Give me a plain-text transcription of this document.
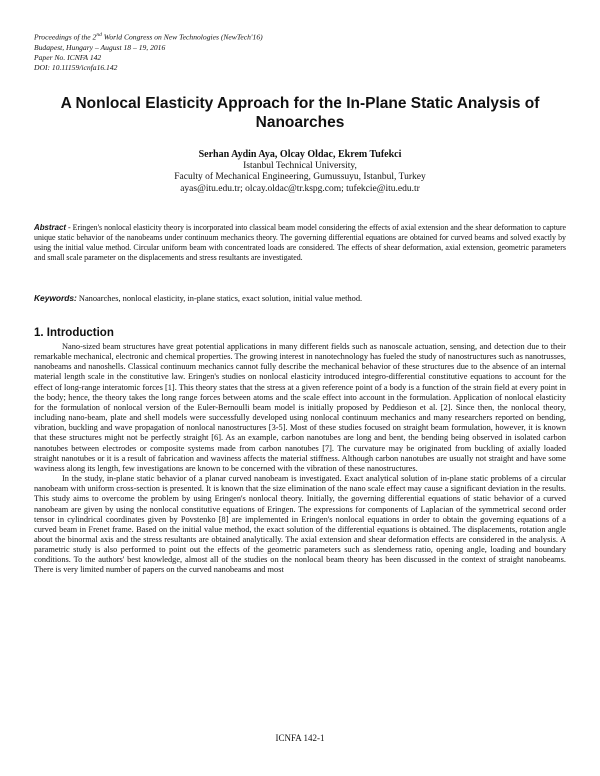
Proceedings of the 2nd World Congress on New Technologies (NewTech'16)
Budapest, Hungary – August 18 – 19, 2016
Paper No. ICNFA 142
DOI: 10.11159/icnfa16.142
A Nonlocal Elasticity Approach for the In-Plane Static Analysis of
Nanoarches
Serhan Aydin Aya, Olcay Oldac, Ekrem Tufekci
Istanbul Technical University,
Faculty of Mechanical Engineering, Gumussuyu, Istanbul, Turkey
ayas@itu.edu.tr; olcay.oldac@tr.kspg.com; tufekcie@itu.edu.tr
Abstract - Eringen's nonlocal elasticity theory is incorporated into classical beam model considering the effects of axial extension and the shear deformation to capture unique static behavior of the nanobeams under continuum mechanics theory. The governing differential equations are obtained for curved beams and solved exactly by using the initial value method. Circular uniform beam with concentrated loads are considered. The effects of shear deformation, axial extension, geometric parameters and small scale parameter on the displacements and stress resultants are investigated.
Keywords: Nanoarches, nonlocal elasticity, in-plane statics, exact solution, initial value method.
1. Introduction

Nano-sized beam structures have great potential applications in many different fields such as nanoscale actuation, sensing, and detection due to their remarkable mechanical, electronic and chemical properties. The growing interest in nanotechnology has fueled the study of nanostructures such as nanotrusses, nanobeams and nanoshells. Classical continuum mechanics cannot fully describe the mechanical behavior of these structures due to the absence of an internal material length scale in the constitutive law. Eringen's studies on nonlocal elasticity introduced integro-differential constitutive equations to account for the effect of long-range interatomic forces [1]. This theory states that the stress at a given reference point of a body is a function of the strain field at every point in the body; hence, the theory takes the long range forces between atoms and the scale effect into account in the formulation. Application of nonlocal elasticity for the formulation of nonlocal version of the Euler-Bernoulli beam model is initially proposed by Peddieson et al. [2]. Since then, the nonlocal theory, including nano-beam, plate and shell models were successfully developed using nonlocal continuum mechanics and many researchers reported on bending, vibration, buckling and wave propagation of nonlocal nanostructures [3-5]. Most of these studies focused on straight beam formulation, however, it is known that these structures might not be perfectly straight [6]. As an example, carbon nanotubes are long and bent, the bending being observed in isolated carbon nanotubes between electrodes or composite systems made from carbon nanotubes [7]. The curvature may be originated from buckling of axially loaded straight nanotubes or it is a result of fabrication and waviness affects the material stiffness. Although carbon nanotubes are usually not straight and have some waviness along its length, few investigations are known to be concerned with the vibration of these nanostructures.

In the study, in-plane static behavior of a planar curved nanobeam is investigated. Exact analytical solution of in-plane static problems of a circular nanobeam with uniform cross-section is presented. It is known that the size elimination of the nano scale effect may cause a significant deviation in the results. This study aims to overcome the problem by using Eringen's nonlocal theory. Initially, the governing differential equations of static behavior of a curved nanobeam are given by using the nonlocal constitutive equations of Eringen. The expressions for components of Laplacian of the symmetrical second order tensor in cylindrical coordinates given by Povstenko [8] are implemented in Eringen's nonlocal equations in order to obtain the governing equations of a curved beam in Frenet frame. Based on the initial value method, the exact solution of the differential equations is obtained. The displacements, rotation angle about the binormal axis and the stress resultants are obtained analytically. The axial extension and shear deformation effects are considered in the analysis. A parametric study is also performed to point out the effects of the geometric parameters such as slenderness ratio, opening angle, loading and boundary conditions. To the authors' best knowledge, almost all of the studies on the nonlocal beam theory has been discussed in the context of straight nanobeams. There is very limited number of papers on the curved nanobeams and most

ICNFA 142-1
